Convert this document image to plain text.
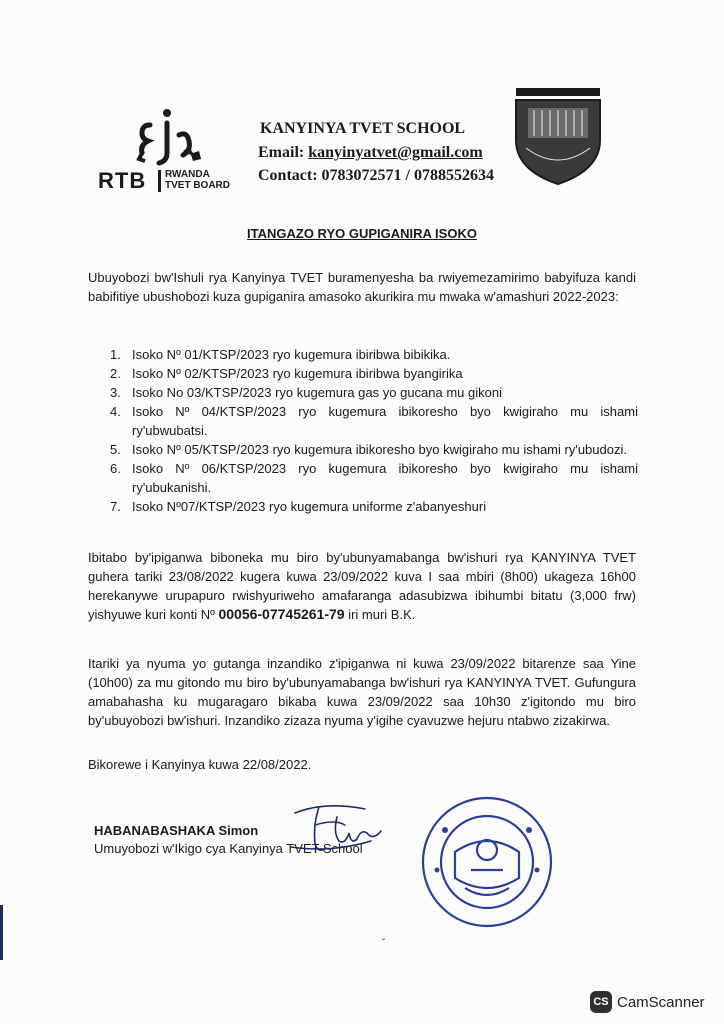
RTB RWANDA
TVET BOARD
KANYINYA TVET SCHOOL
Email: kanyinyatvet@gmail.com
Contact: 0783072571 / 0788552634
ITANGAZO RYO GUPIGANIRA ISOKO
Ubuyobozi bw'Ishuli rya Kanyinya TVET buramenyesha ba rwiyemezamirimo babyifuza kandi babifitiye ubushobozi kuza gupiganira amasoko akurikira mu mwaka w'amashuri 2022-2023:
1. Isoko Nº 01/KTSP/2023 ryo kugemura ibiribwa bibikika.
2. Isoko Nº 02/KTSP/2023 ryo kugemura ibiribwa byangirika
3. Isoko No 03/KTSP/2023 ryo kugemura gas yo gucana mu gikoni
4. Isoko Nº 04/KTSP/2023 ryo kugemura ibikoresho byo kwigiraho mu ishami ry'ubwubatsi.
5. Isoko Nº 05/KTSP/2023 ryo kugemura ibikoresho byo kwigiraho mu ishami ry'ubudozi.
6. Isoko Nº 06/KTSP/2023 ryo kugemura ibikoresho byo kwigiraho mu ishami ry'ubukanishi.
7. Isoko Nº07/KTSP/2023 ryo kugemura uniforme z'abanyeshuri
Ibitabo by'ipiganwa biboneka mu biro by'ubunyamabanga bw'ishuri rya KANYINYA TVET guhera tariki 23/08/2022 kugera kuwa 23/09/2022 kuva I saa mbiri (8h00) ukageza 16h00 herekanywe urupapuro rwishyuriweho amafaranga adasubizwa ibihumbi bitatu (3,000 frw) yishyuwe kuri konti Nº 00056-07745261-79 iri muri B.K.
Itariki ya nyuma yo gutanga inzandiko z'ipiganwa ni kuwa 23/09/2022 bitarenze saa Yine (10h00) za mu gitondo mu biro by'ubunyamabanga bw'ishuri rya KANYINYA TVET. Gufungura amabahasha ku mugaragaro bikaba kuwa 23/09/2022 saa 10h30 z'igitondo mu biro by'ubuyobozi bw'ishuri. Inzandiko zizaza nyuma y'igihe cyavuzwe hejuru ntabwo zizakirwa.
Bikorewe i Kanyinya kuwa 22/08/2022.
HABANABASHAKA Simon
Umuyobozi w'Ikigo cya Kanyinya TVET School
˘
CS CamScanner
